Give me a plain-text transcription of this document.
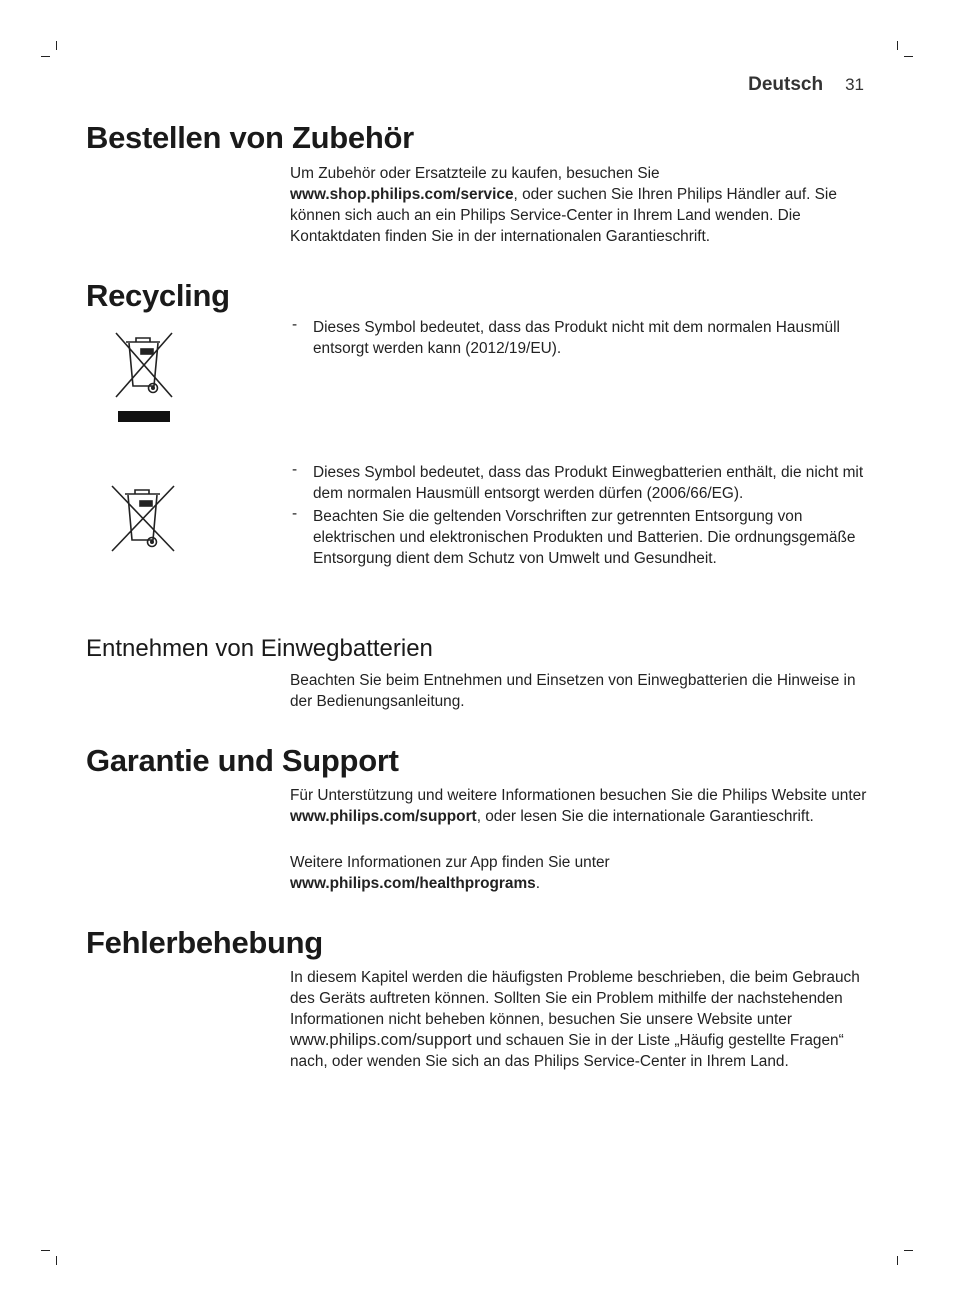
Deutsch 31
Bestellen von Zubehör

Um Zubehör oder Ersatzteile zu kaufen, besuchen Sie
www.shop.philips.com/service, oder suchen Sie Ihren Philips Händler auf. Sie können sich auch an ein Philips Service-Center in Ihrem Land wenden. Die Kontaktdaten finden Sie in der internationalen Garantieschrift.

Recycling
- Dieses Symbol bedeutet, dass das Produkt nicht mit dem normalen Hausmüll entsorgt werden kann (2012/19/EU).
- Dieses Symbol bedeutet, dass das Produkt Einwegbatterien enthält, die nicht mit dem normalen Hausmüll entsorgt werden dürfen (2006/66/EG).
- Beachten Sie die geltenden Vorschriften zur getrennten Entsorgung von elektrischen und elektronischen Produkten und Batterien. Die ordnungsgemäße Entsorgung dient dem Schutz von Umwelt und Gesundheit.
Entnehmen von Einwegbatterien

Beachten Sie beim Entnehmen und Einsetzen von Einwegbatterien die Hinweise in der Bedienungsanleitung.

Garantie und Support

Für Unterstützung und weitere Informationen besuchen Sie die Philips Website unter www.philips.com/support, oder lesen Sie die internationale Garantieschrift.

Weitere Informationen zur App finden Sie unter
www.philips.com/healthprograms.

Fehlerbehebung

In diesem Kapitel werden die häufigsten Probleme beschrieben, die beim Gebrauch des Geräts auftreten können. Sollten Sie ein Problem mithilfe der nachstehenden Informationen nicht beheben können, besuchen Sie unsere Website unter www.philips.com/support und schauen Sie in der Liste „Häufig gestellte Fragen“ nach, oder wenden Sie sich an das Philips Service-Center in Ihrem Land.
